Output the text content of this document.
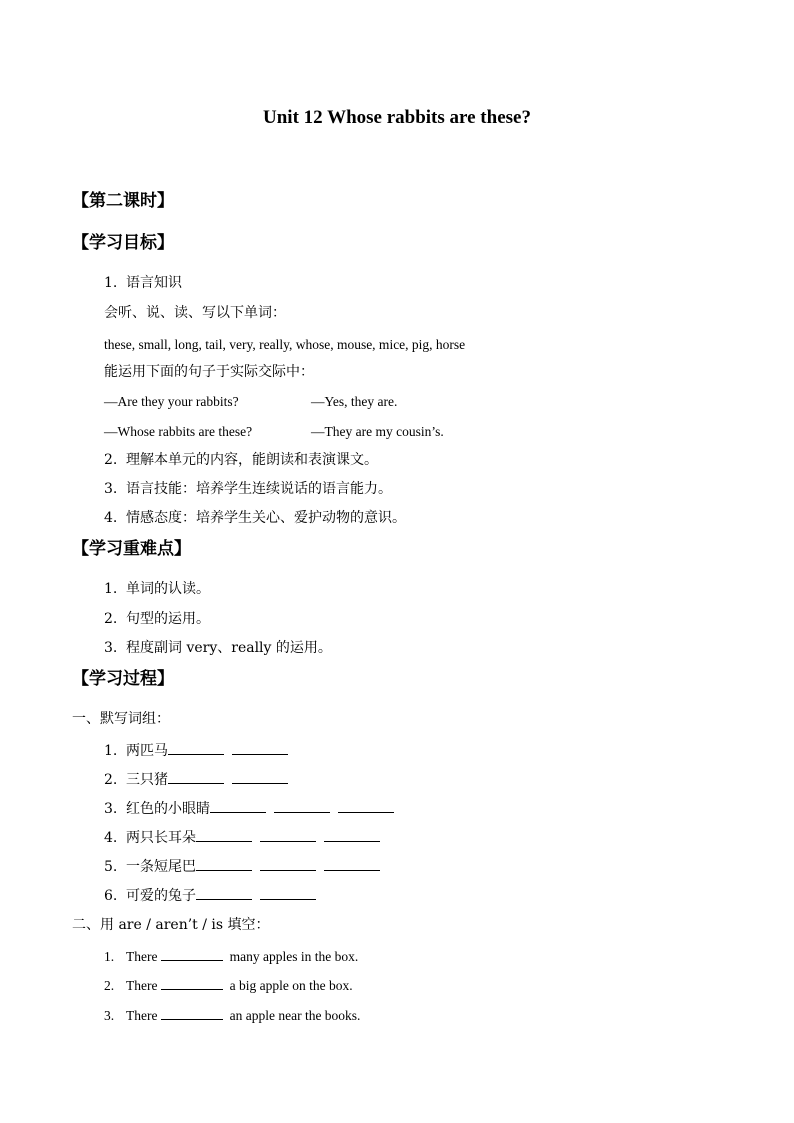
Unit 12 Whose rabbits are these?
【第二课时】
【学习目标】
1. 语言知识
会听、说、读、写以下单词：
these, small, long, tail, very, really, whose, mouse, mice, pig, horse
能运用下面的句子于实际交际中：
—Are they your rabbits?	—Yes, they are.
—Whose rabbits are these?	—They are my cousin’s.
2. 理解本单元的内容，能朗读和表演课文。
3. 语言技能：培养学生连续说话的语言能力。
4. 情感态度：培养学生关心、爱护动物的意识。
【学习重难点】
1. 单词的认读。
2. 句型的运用。
3. 程度副词 very、really 的运用。
【学习过程】
一、默写词组：
1. 两匹马
2. 三只猪
3. 红色的小眼睛
4. 两只长耳朵
5. 一条短尾巴
6. 可爱的兔子
二、用 are / aren’t / is 填空：
1. There	many apples in the box.
2. There	a big apple on the box.
3. There	an apple near the books.
